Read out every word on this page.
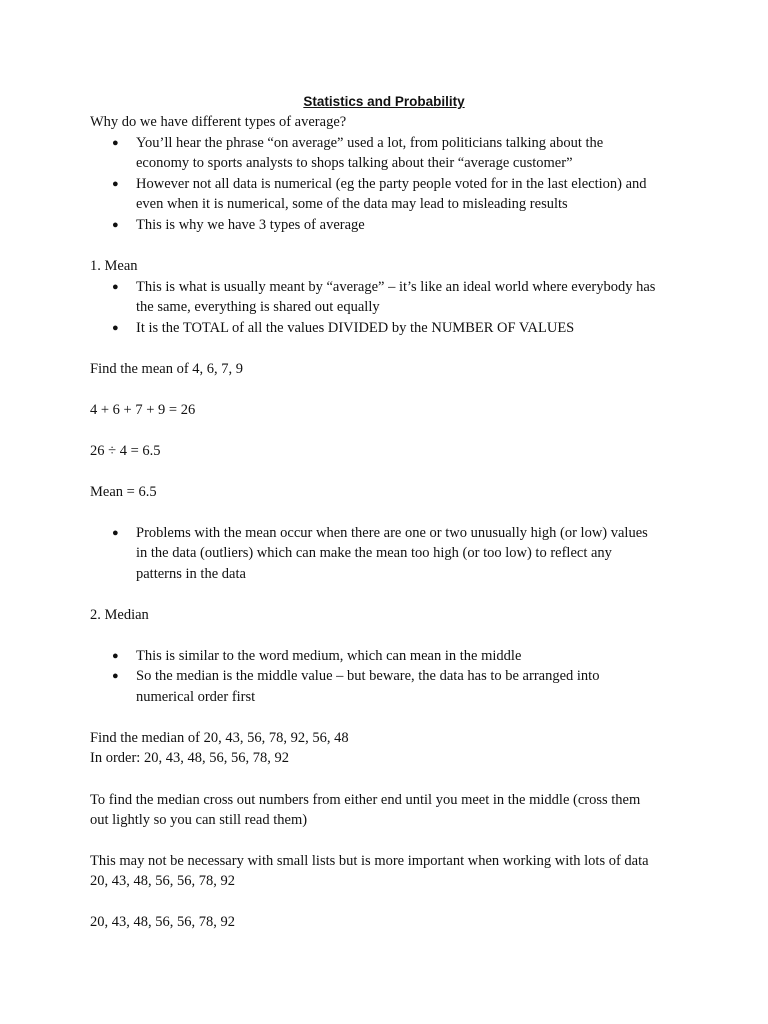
Statistics and Probability
Why do we have different types of average?
● You’ll hear the phrase “on average” used a lot, from politicians talking about the
economy to sports analysts to shops talking about their “average customer”
● However not all data is numerical (eg the party people voted for in the last election) and
even when it is numerical, some of the data may lead to misleading results
● This is why we have 3 types of average
1. Mean
● This is what is usually meant by “average” – it’s like an ideal world where everybody has
the same, everything is shared out equally
● It is the TOTAL of all the values DIVIDED by the NUMBER OF VALUES
Find the mean of 4, 6, 7, 9
4 + 6 + 7 + 9 = 26
26 ÷ 4 = 6.5
Mean = 6.5
● Problems with the mean occur when there are one or two unusually high (or low) values
in the data (outliers) which can make the mean too high (or too low) to reflect any
patterns in the data
2. Median
● This is similar to the word medium, which can mean in the middle
● So the median is the middle value – but beware, the data has to be arranged into
numerical order first
Find the median of 20, 43, 56, 78, 92, 56, 48
In order: 20, 43, 48, 56, 56, 78, 92
To find the median cross out numbers from either end until you meet in the middle (cross them
out lightly so you can still read them)
This may not be necessary with small lists but is more important when working with lots of data
20, 43, 48, 56, 56, 78, 92
20, 43, 48, 56, 56, 78, 92
